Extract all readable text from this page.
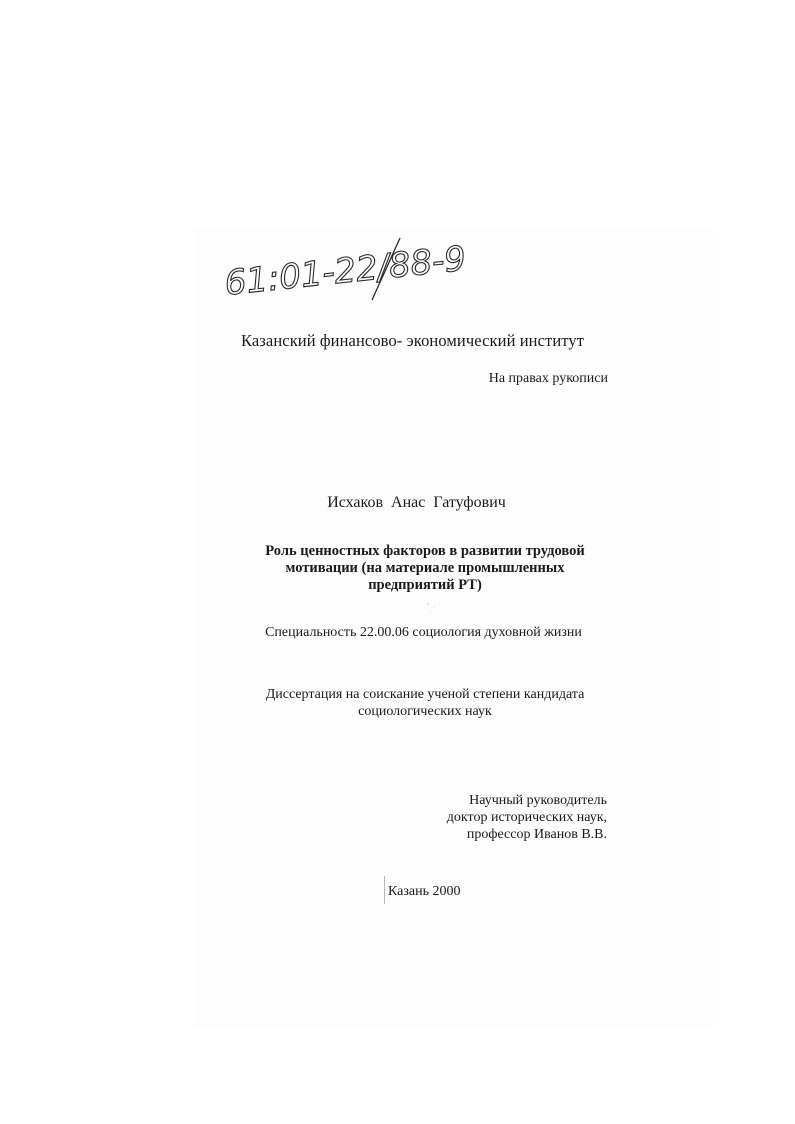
61:01-22/88-9
Казанский финансово- экономический институт
На правах рукописи
Исхаков Анас Гатуфович
Роль ценностных факторов в развитии трудовой
мотивации (на материале промышленных
предприятий РТ)
Специальность 22.00.06 социология духовной жизни
Диссертация на соискание ученой степени кандидата
социологических наук
Научный руководитель
доктор исторических наук,
профессор Иванов В.В.
Казань 2000
